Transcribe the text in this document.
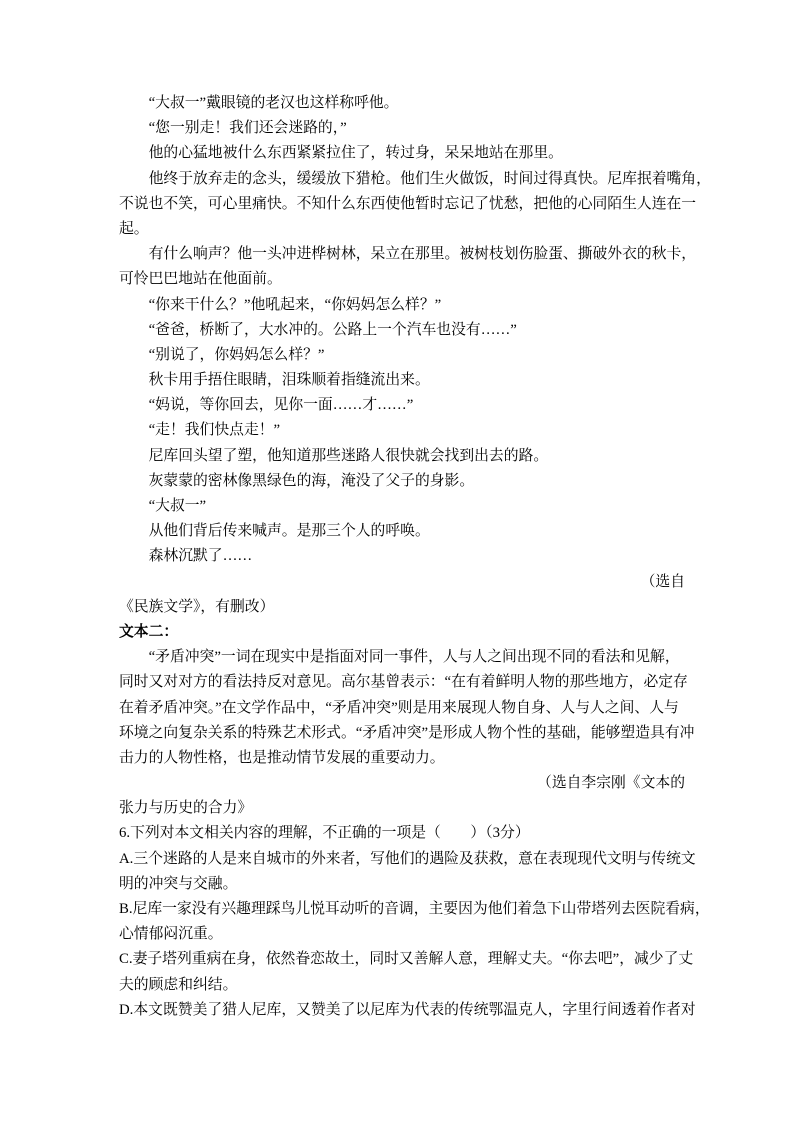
“大叔一”戴眼镜的老汉也这样称呼他。
“您一别走！我们还会迷路的，”
他的心猛地被什么东西紧紧拉住了，转过身，呆呆地站在那里。
他终于放弃走的念头，缓缓放下猎枪。他们生火做饭，时间过得真快。尼库抿着嘴角，
不说也不笑，可心里痛快。不知什么东西使他暂时忘记了忧愁，把他的心同陌生人连在一
起。
有什么响声？他一头冲进桦树林，呆立在那里。被树枝划伤脸蛋、撕破外衣的秋卡，
可怜巴巴地站在他面前。
“你来干什么？”他吼起来，“你妈妈怎么样？”
“爸爸，桥断了，大水冲的。公路上一个汽车也没有……”
“别说了，你妈妈怎么样？”
秋卡用手捂住眼睛，泪珠顺着指缝流出来。
“妈说，等你回去，见你一面……才……”
“走！我们快点走！”
尼库回头望了塑，他知道那些迷路人很快就会找到出去的路。
灰蒙蒙的密林像黑绿色的海，淹没了父子的身影。
“大叔一”
从他们背后传来喊声。是那三个人的呼唤。
森林沉默了……
（选自
《民族文学》，有删改）
文本二：
“矛盾冲突”一词在现实中是指面对同一事件，人与人之间出现不同的看法和见解，
同时又对对方的看法持反对意见。高尔基曾表示：“在有着鲜明人物的那些地方，必定存
在着矛盾冲突。”在文学作品中，“矛盾冲突”则是用来展现人物自身、人与人之间、人与
环境之向复杂关系的特殊艺术形式。“矛盾冲突”是形成人物个性的基础，能够塑造具有冲
击力的人物性格，也是推动情节发展的重要动力。
（选自李宗刚《文本的
张力与历史的合力》
6.下列对本文相关内容的理解，不正确的一项是（　　）（3分）
A.三个迷路的人是来自城市的外来者，写他们的遇险及获救，意在表现现代文明与传统文
明的冲突与交融。
B.尼库一家没有兴趣理踩鸟儿悦耳动听的音调，主要因为他们着急下山带塔列去医院看病，
心情郁闷沉重。
C.妻子塔列重病在身，依然眷恋故土，同时又善解人意，理解丈夫。“你去吧”，减少了丈
夫的顾虑和纠结。
D.本文既赞美了猎人尼库，又赞美了以尼库为代表的传统鄂温克人，字里行间透着作者对
